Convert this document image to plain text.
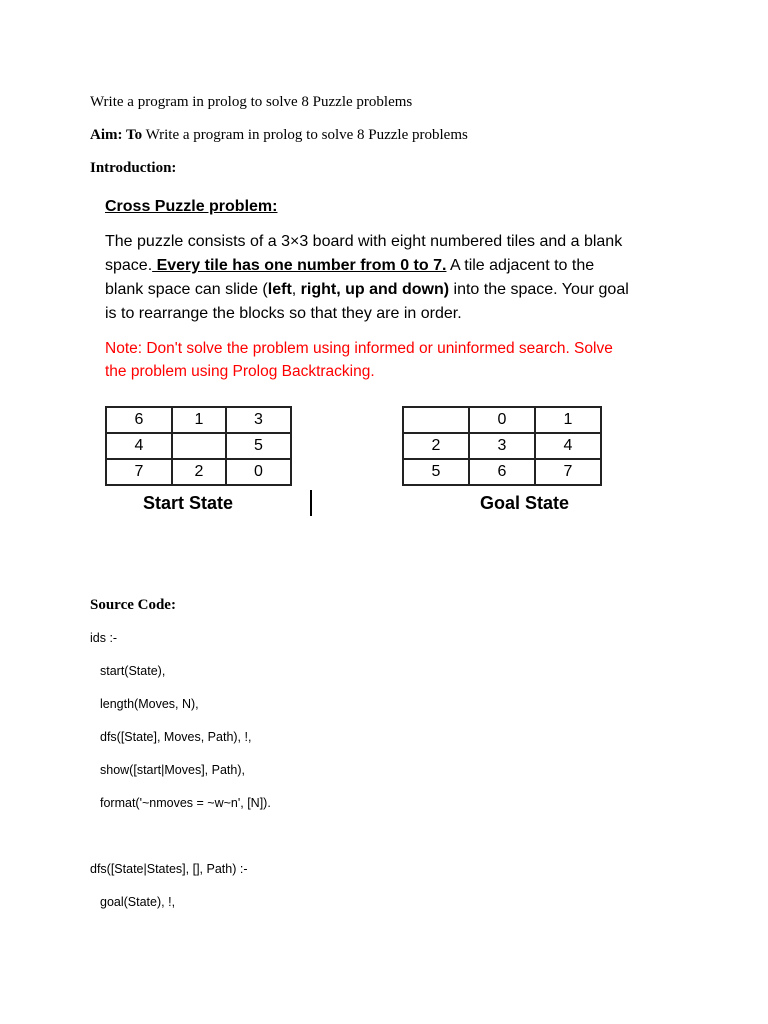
Write a program in prolog to solve 8 Puzzle problems
Aim: To Write a program in prolog to solve 8 Puzzle problems
Introduction:
Cross Puzzle problem:
The puzzle consists of a 3×3 board with eight numbered tiles and a blank
space. Every tile has one number from 0 to 7. A tile adjacent to the
blank space can slide (left, right, up and down) into the space. Your goal
is to rearrange the blocks so that they are in order.
Note: Don't solve the problem using informed or uninformed search. Solve
the problem using Prolog Backtracking.
6	1	3
4		5
7	2	0
Start State
	0	1
2	3	4
5	6	7
Goal State
Source Code:
ids :-
start(State),
length(Moves, N),
dfs([State], Moves, Path), !,
show([start|Moves], Path),
format('~nmoves = ~w~n', [N]).
dfs([State|States], [], Path) :-
goal(State), !,
